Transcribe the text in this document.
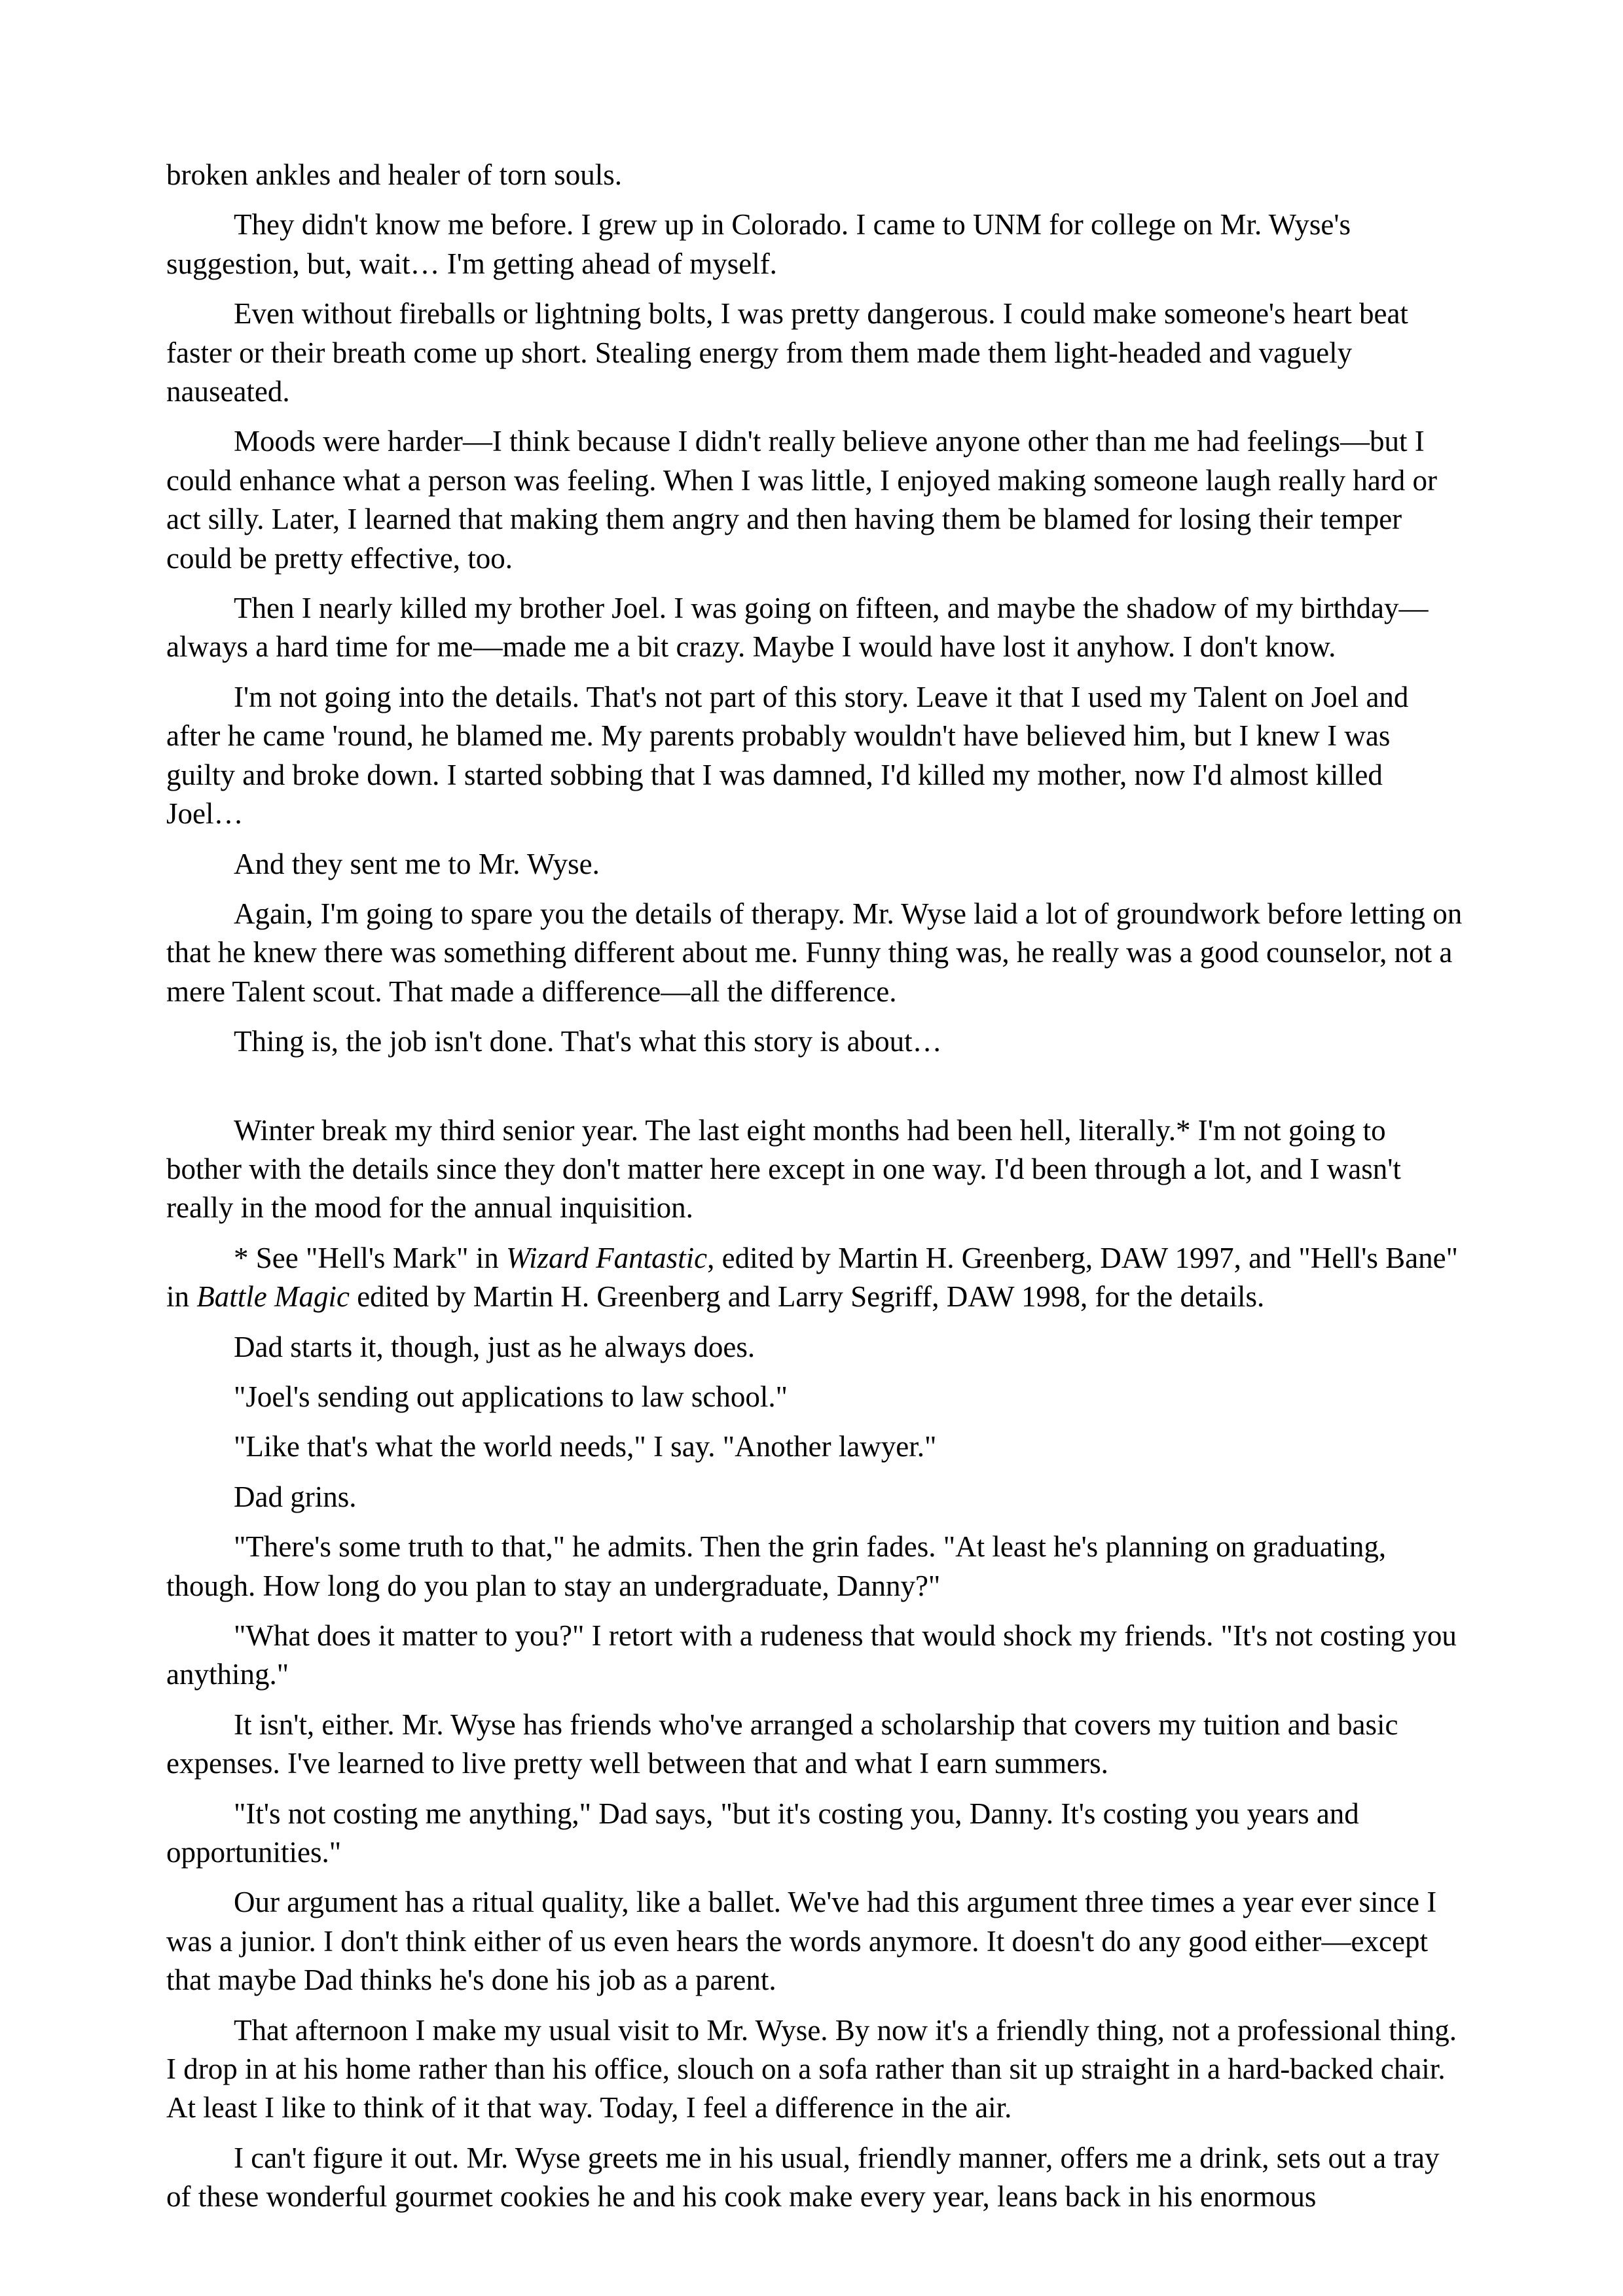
broken ankles and healer of torn souls.

They didn't know me before. I grew up in Colorado. I came to UNM for college on Mr. Wyse's suggestion, but, wait… I'm getting ahead of myself.

Even without fireballs or lightning bolts, I was pretty dangerous. I could make someone's heart beat faster or their breath come up short. Stealing energy from them made them light-headed and vaguely nauseated.

Moods were harder—I think because I didn't really believe anyone other than me had feelings—but I could enhance what a person was feeling. When I was little, I enjoyed making someone laugh really hard or act silly. Later, I learned that making them angry and then having them be blamed for losing their temper could be pretty effective, too.

Then I nearly killed my brother Joel. I was going on fifteen, and maybe the shadow of my birthday—always a hard time for me—made me a bit crazy. Maybe I would have lost it anyhow. I don't know.

I'm not going into the details. That's not part of this story. Leave it that I used my Talent on Joel and after he came 'round, he blamed me. My parents probably wouldn't have believed him, but I knew I was guilty and broke down. I started sobbing that I was damned, I'd killed my mother, now I'd almost killed Joel…

And they sent me to Mr. Wyse.

Again, I'm going to spare you the details of therapy. Mr. Wyse laid a lot of groundwork before letting on that he knew there was something different about me. Funny thing was, he really was a good counselor, not a mere Talent scout. That made a difference—all the difference.

Thing is, the job isn't done. That's what this story is about…

Winter break my third senior year. The last eight months had been hell, literally.* I'm not going to bother with the details since they don't matter here except in one way. I'd been through a lot, and I wasn't really in the mood for the annual inquisition.

* See "Hell's Mark" in Wizard Fantastic, edited by Martin H. Greenberg, DAW 1997, and "Hell's Bane" in Battle Magic edited by Martin H. Greenberg and Larry Segriff, DAW 1998, for the details.

Dad starts it, though, just as he always does.

"Joel's sending out applications to law school."

"Like that's what the world needs," I say. "Another lawyer."

Dad grins.

"There's some truth to that," he admits. Then the grin fades. "At least he's planning on graduating, though. How long do you plan to stay an undergraduate, Danny?"

"What does it matter to you?" I retort with a rudeness that would shock my friends. "It's not costing you anything."

It isn't, either. Mr. Wyse has friends who've arranged a scholarship that covers my tuition and basic expenses. I've learned to live pretty well between that and what I earn summers.

"It's not costing me anything," Dad says, "but it's costing you, Danny. It's costing you years and opportunities."

Our argument has a ritual quality, like a ballet. We've had this argument three times a year ever since I was a junior. I don't think either of us even hears the words anymore. It doesn't do any good either—except that maybe Dad thinks he's done his job as a parent.

That afternoon I make my usual visit to Mr. Wyse. By now it's a friendly thing, not a professional thing. I drop in at his home rather than his office, slouch on a sofa rather than sit up straight in a hard-backed chair. At least I like to think of it that way. Today, I feel a difference in the air.

I can't figure it out. Mr. Wyse greets me in his usual, friendly manner, offers me a drink, sets out a tray of these wonderful gourmet cookies he and his cook make every year, leans back in his enormous
